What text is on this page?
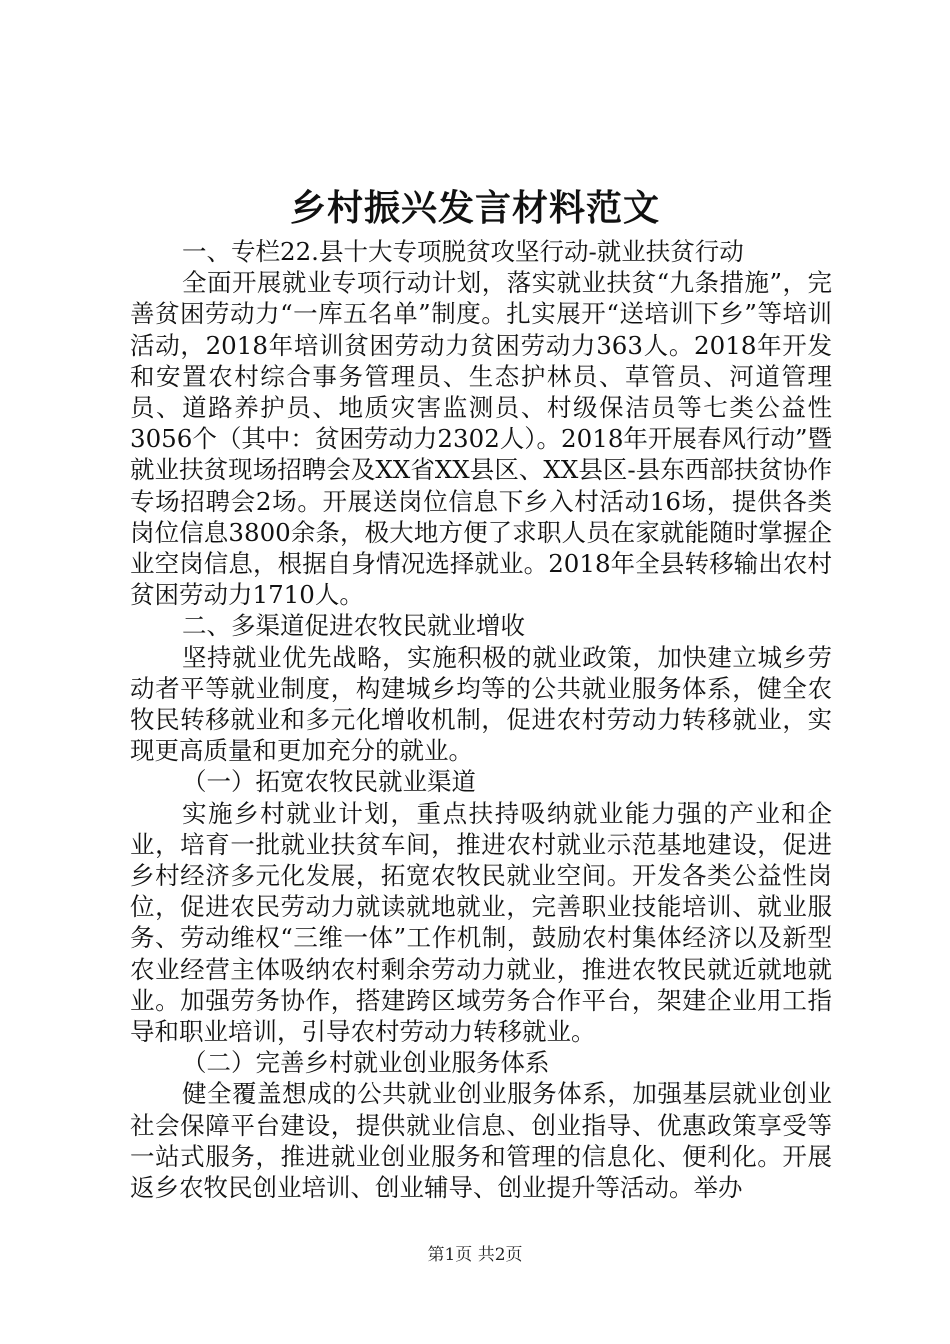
乡村振兴发言材料范文

一、专栏22.县十大专项脱贫攻坚行动-就业扶贫行动

全面开展就业专项行动计划，落实就业扶贫“九条措施”，完善贫困劳动力“一库五名单”制度。扎实展开“送培训下乡”等培训活动，2018年培训贫困劳动力贫困劳动力363人。2018年开发和安置农村综合事务管理员、生态护林员、草管员、河道管理员、道路养护员、地质灾害监测员、村级保洁员等七类公益性3056个（其中：贫困劳动力2302人）。2018年开展春风行动”暨就业扶贫现场招聘会及XX省XX县区、XX县区-县东西部扶贫协作专场招聘会2场。开展送岗位信息下乡入村活动16场，提供各类岗位信息3800余条，极大地方便了求职人员在家就能随时掌握企业空岗信息，根据自身情况选择就业。2018年全县转移输出农村贫困劳动力1710人。

二、多渠道促进农牧民就业增收

坚持就业优先战略，实施积极的就业政策，加快建立城乡劳动者平等就业制度，构建城乡均等的公共就业服务体系，健全农牧民转移就业和多元化增收机制，促进农村劳动力转移就业，实现更高质量和更加充分的就业。

（一）拓宽农牧民就业渠道

实施乡村就业计划，重点扶持吸纳就业能力强的产业和企业，培育一批就业扶贫车间，推进农村就业示范基地建设，促进乡村经济多元化发展，拓宽农牧民就业空间。开发各类公益性岗位，促进农民劳动力就读就地就业，完善职业技能培训、就业服务、劳动维权“三维一体”工作机制，鼓励农村集体经济以及新型农业经营主体吸纳农村剩余劳动力就业，推进农牧民就近就地就业。加强劳务协作，搭建跨区域劳务合作平台，架建企业用工指导和职业培训，引导农村劳动力转移就业。

（二）完善乡村就业创业服务体系

健全覆盖想成的公共就业创业服务体系，加强基层就业创业社会保障平台建设，提供就业信息、创业指导、优惠政策享受等一站式服务，推进就业创业服务和管理的信息化、便利化。开展返乡农牧民创业培训、创业辅导、创业提升等活动。举办

第1页 共2页
